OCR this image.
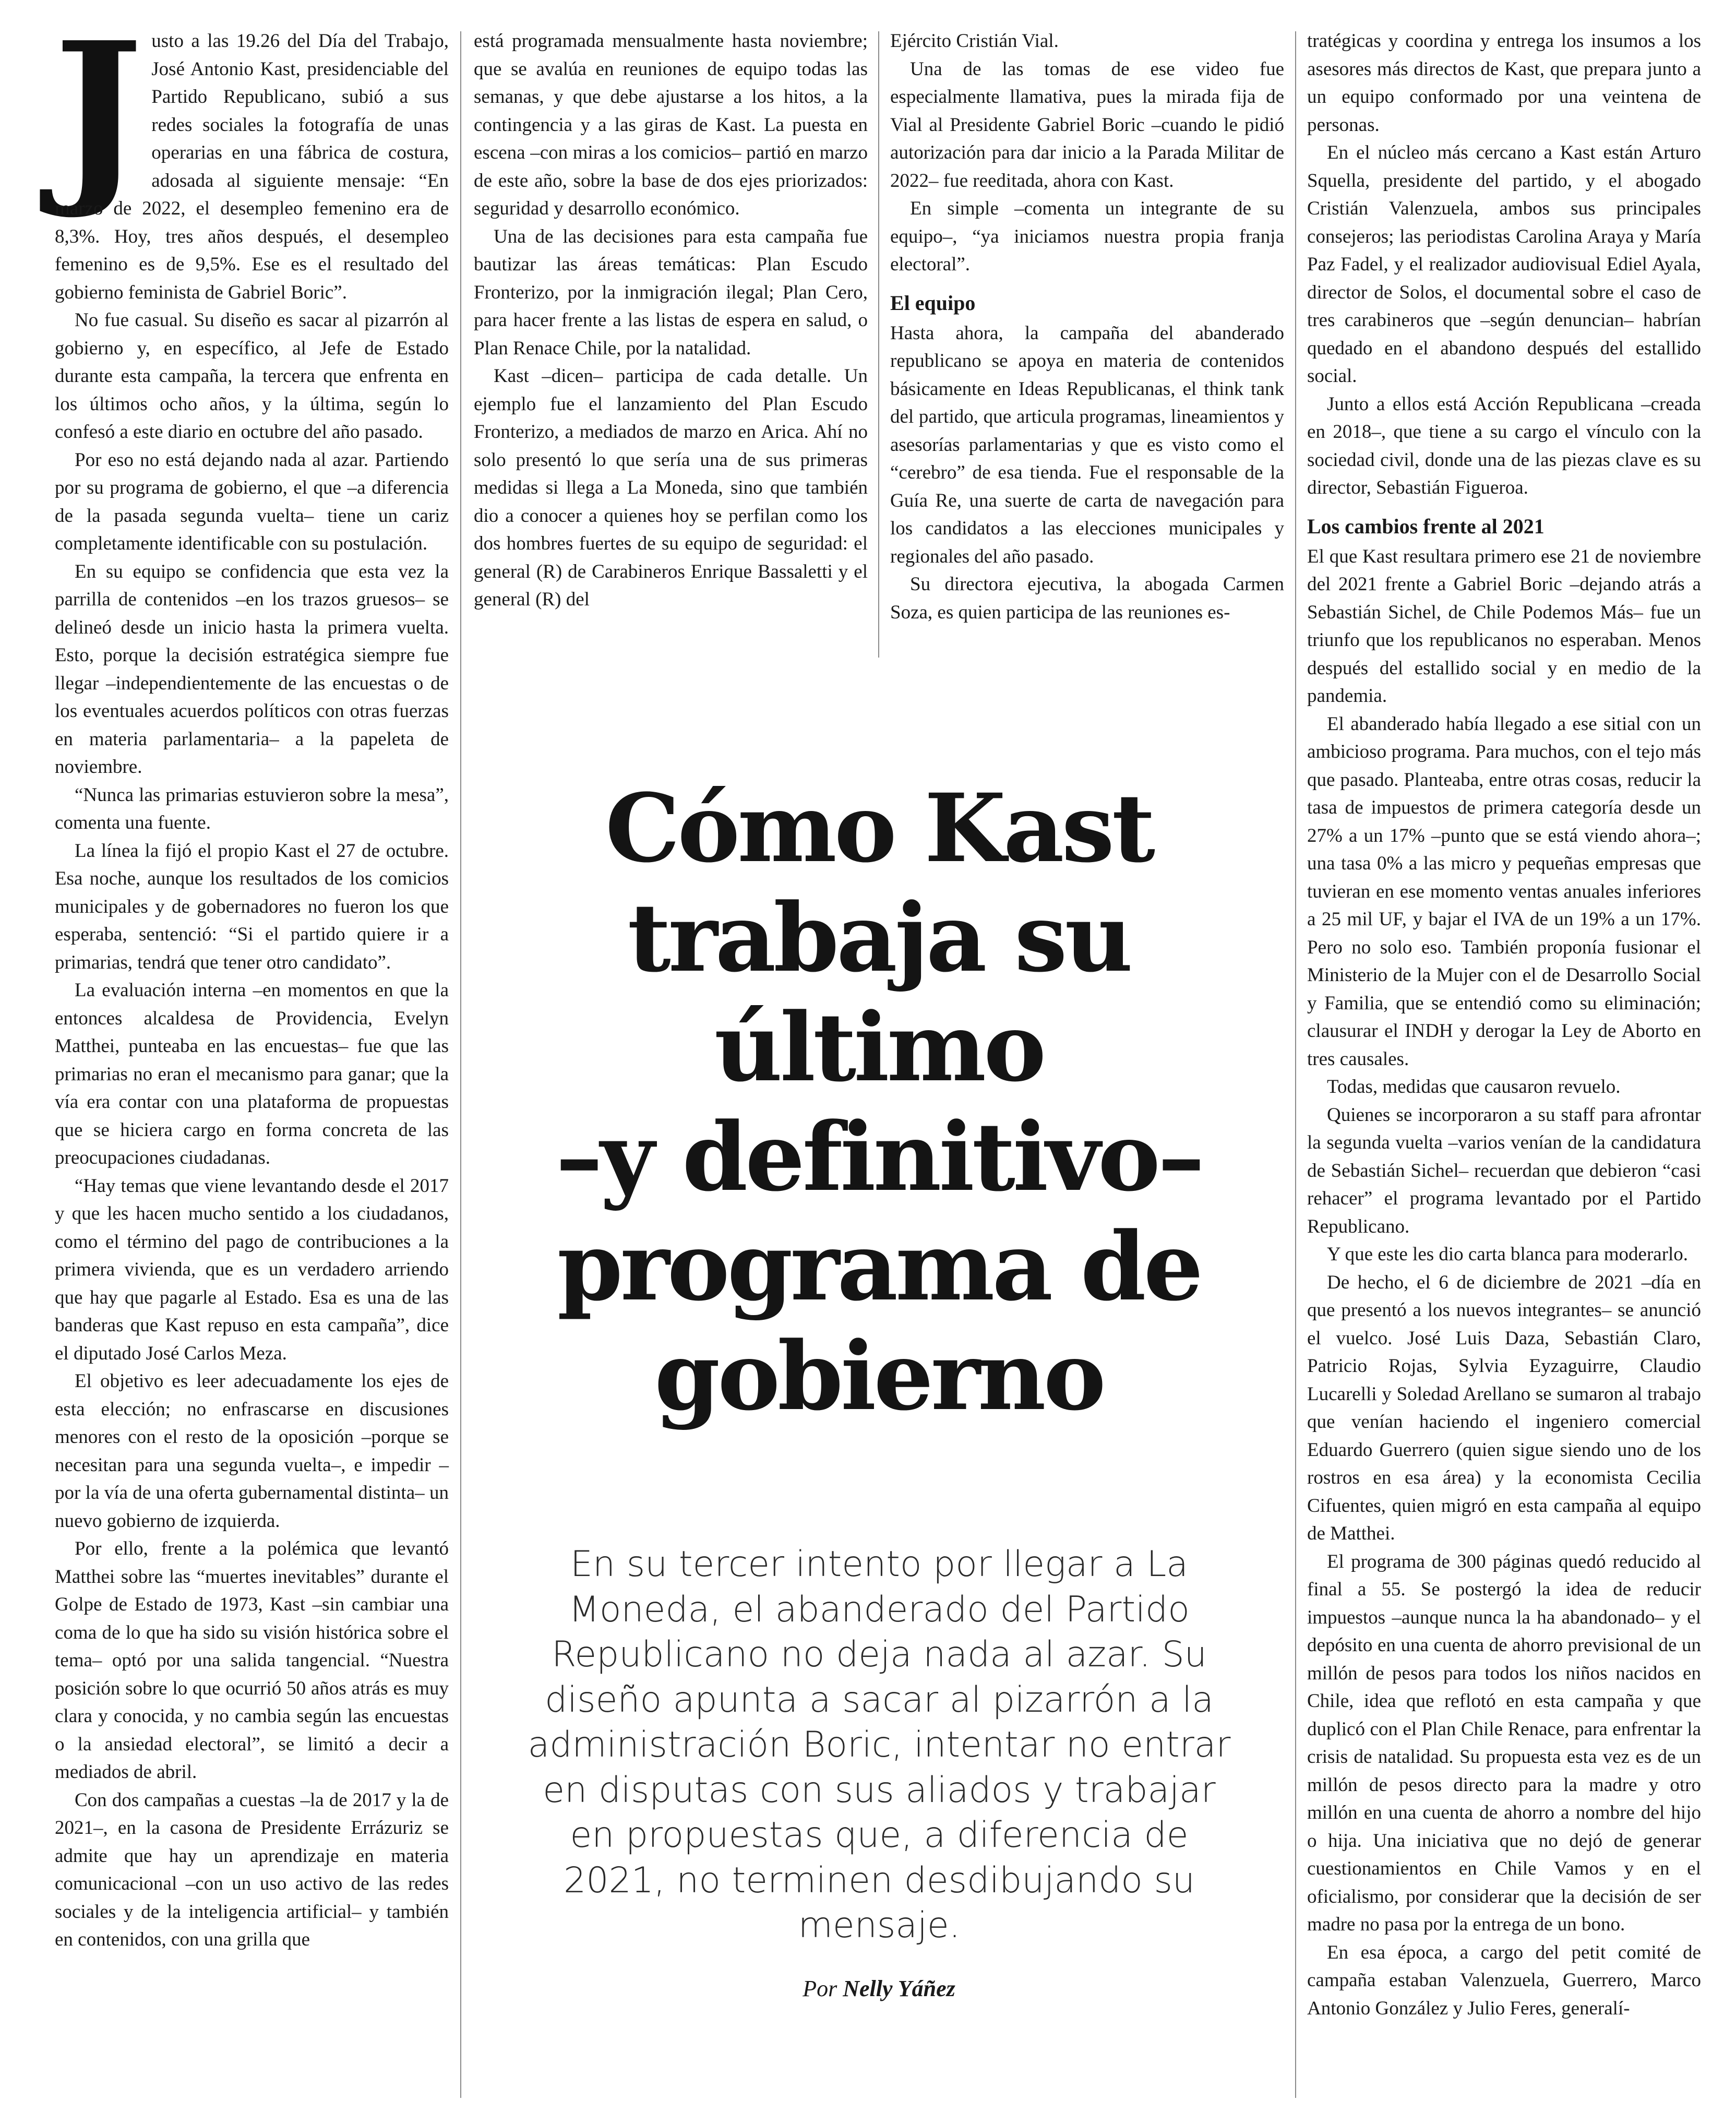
J usto a las 19.26 del Día del Trabajo, José Antonio Kast, presidenciable del Partido Republicano, subió a sus redes sociales la fotografía de unas operarias en una fábrica de costura, adosada al siguiente mensaje: “En marzo de 2022, el desempleo femenino era de 8,3%. Hoy, tres años después, el desempleo femenino es de 9,5%. Ese es el resultado del gobierno feminista de Gabriel Boric”.

No fue casual. Su diseño es sacar al pizarrón al gobierno y, en específico, al Jefe de Estado durante esta campaña, la tercera que enfrenta en los últimos ocho años, y la última, según lo confesó a este diario en octubre del año pasado.

Por eso no está dejando nada al azar. Partiendo por su programa de gobierno, el que –a diferencia de la pasada segunda vuelta– tiene un cariz completamente identificable con su postulación.

En su equipo se confidencia que esta vez la parrilla de contenidos –en los trazos gruesos– se delineó desde un inicio hasta la primera vuelta. Esto, porque la decisión estratégica siempre fue llegar –independientemente de las encuestas o de los eventuales acuerdos políticos con otras fuerzas en materia parlamentaria– a la papeleta de noviembre.

“Nunca las primarias estuvieron sobre la mesa”, comenta una fuente.

La línea la fijó el propio Kast el 27 de octubre. Esa noche, aunque los resultados de los comicios municipales y de gobernadores no fueron los que esperaba, sentenció: “Si el partido quiere ir a primarias, tendrá que tener otro candidato”.

La evaluación interna –en momentos en que la entonces alcaldesa de Providencia, Evelyn Matthei, punteaba en las encuestas– fue que las primarias no eran el mecanismo para ganar; que la vía era contar con una plataforma de propuestas que se hiciera cargo en forma concreta de las preocupaciones ciudadanas.

“Hay temas que viene levantando desde el 2017 y que les hacen mucho sentido a los ciudadanos, como el término del pago de contribuciones a la primera vivienda, que es un verdadero arriendo que hay que pagarle al Estado. Esa es una de las banderas que Kast repuso en esta campaña”, dice el diputado José Carlos Meza.

El objetivo es leer adecuadamente los ejes de esta elección; no enfrascarse en discusiones menores con el resto de la oposición –porque se necesitan para una segunda vuelta–, e impedir –por la vía de una oferta gubernamental distinta– un nuevo gobierno de izquierda.

Por ello, frente a la polémica que levantó Matthei sobre las “muertes inevitables” durante el Golpe de Estado de 1973, Kast –sin cambiar una coma de lo que ha sido su visión histórica sobre el tema– optó por una salida tangencial. “Nuestra posición sobre lo que ocurrió 50 años atrás es muy clara y conocida, y no cambia según las encuestas o la ansiedad electoral”, se limitó a decir a mediados de abril.

Con dos campañas a cuestas –la de 2017 y la de 2021–, en la casona de Presidente Errázuriz se admite que hay un aprendizaje en materia comunicacional –con un uso activo de las redes sociales y de la inteligencia artificial– y también en contenidos, con una grilla que

está programada mensualmente hasta noviembre; que se avalúa en reuniones de equipo todas las semanas, y que debe ajustarse a los hitos, a la contingencia y a las giras de Kast. La puesta en escena –con miras a los comicios– partió en marzo de este año, sobre la base de dos ejes priorizados: seguridad y desarrollo económico.

Una de las decisiones para esta campaña fue bautizar las áreas temáticas: Plan Escudo Fronterizo, por la inmigración ilegal; Plan Cero, para hacer frente a las listas de espera en salud, o Plan Renace Chile, por la natalidad.

Kast –dicen– participa de cada detalle. Un ejemplo fue el lanzamiento del Plan Escudo Fronterizo, a mediados de marzo en Arica. Ahí no solo presentó lo que sería una de sus primeras medidas si llega a La Moneda, sino que también dio a conocer a quienes hoy se perfilan como los dos hombres fuertes de su equipo de seguridad: el general (R) de Carabineros Enrique Bassaletti y el general (R) del

Ejército Cristián Vial.

Una de las tomas de ese video fue especialmente llamativa, pues la mirada fija de Vial al Presidente Gabriel Boric –cuando le pidió autorización para dar inicio a la Parada Militar de 2022– fue reeditada, ahora con Kast.

En simple –comenta un integrante de su equipo–, “ya iniciamos nuestra propia franja electoral”.

El equipo

Hasta ahora, la campaña del abanderado republicano se apoya en materia de contenidos básicamente en Ideas Republicanas, el think tank del partido, que articula programas, lineamientos y asesorías parlamentarias y que es visto como el “cerebro” de esa tienda. Fue el responsable de la Guía Re, una suerte de carta de navegación para los candidatos a las elecciones municipales y regionales del año pasado.

Su directora ejecutiva, la abogada Carmen Soza, es quien participa de las reuniones es-

tratégicas y coordina y entrega los insumos a los asesores más directos de Kast, que prepara junto a un equipo conformado por una veintena de personas.

En el núcleo más cercano a Kast están Arturo Squella, presidente del partido, y el abogado Cristián Valenzuela, ambos sus principales consejeros; las periodistas Carolina Araya y María Paz Fadel, y el realizador audiovisual Ediel Ayala, director de Solos, el documental sobre el caso de tres carabineros que –según denuncian– habrían quedado en el abandono después del estallido social.

Junto a ellos está Acción Republicana –creada en 2018–, que tiene a su cargo el vínculo con la sociedad civil, donde una de las piezas clave es su director, Sebastián Figueroa.

Los cambios frente al 2021

El que Kast resultara primero ese 21 de noviembre del 2021 frente a Gabriel Boric –dejando atrás a Sebastián Sichel, de Chile Podemos Más– fue un triunfo que los republicanos no esperaban. Menos después del estallido social y en medio de la pandemia.

El abanderado había llegado a ese sitial con un ambicioso programa. Para muchos, con el tejo más que pasado. Planteaba, entre otras cosas, reducir la tasa de impuestos de primera categoría desde un 27% a un 17% –punto que se está viendo ahora–; una tasa 0% a las micro y pequeñas empresas que tuvieran en ese momento ventas anuales inferiores a 25 mil UF, y bajar el IVA de un 19% a un 17%. Pero no solo eso. También proponía fusionar el Ministerio de la Mujer con el de Desarrollo Social y Familia, que se entendió como su eliminación; clausurar el INDH y derogar la Ley de Aborto en tres causales.

Todas, medidas que causaron revuelo.

Quienes se incorporaron a su staff para afrontar la segunda vuelta –varios venían de la candidatura de Sebastián Sichel– recuerdan que debieron “casi rehacer” el programa levantado por el Partido Republicano.

Y que este les dio carta blanca para moderarlo.

De hecho, el 6 de diciembre de 2021 –día en que presentó a los nuevos integrantes– se anunció el vuelco. José Luis Daza, Sebastián Claro, Patricio Rojas, Sylvia Eyzaguirre, Claudio Lucarelli y Soledad Arellano se sumaron al trabajo que venían haciendo el ingeniero comercial Eduardo Guerrero (quien sigue siendo uno de los rostros en esa área) y la economista Cecilia Cifuentes, quien migró en esta campaña al equipo de Matthei.

El programa de 300 páginas quedó reducido al final a 55. Se postergó la idea de reducir impuestos –aunque nunca la ha abandonado– y el depósito en una cuenta de ahorro previsional de un millón de pesos para todos los niños nacidos en Chile, idea que reflotó en esta campaña y que duplicó con el Plan Chile Renace, para enfrentar la crisis de natalidad. Su propuesta esta vez es de un millón de pesos directo para la madre y otro millón en una cuenta de ahorro a nombre del hijo o hija. Una iniciativa que no dejó de generar cuestionamientos en Chile Vamos y en el oficialismo, por considerar que la decisión de ser madre no pasa por la entrega de un bono.

En esa época, a cargo del petit comité de campaña estaban Valenzuela, Guerrero, Marco Antonio González y Julio Feres, generalí-

Cómo Kast
trabaja su
último
–y definitivo–
programa de
gobierno

En su tercer intento por llegar a La Moneda, el abanderado del Partido Republicano no deja nada al azar. Su diseño apunta a sacar al pizarrón a la administración Boric, intentar no entrar en disputas con sus aliados y trabajar en propuestas que, a diferencia de 2021, no terminen desdibujando su mensaje.

Por Nelly Yáñez
